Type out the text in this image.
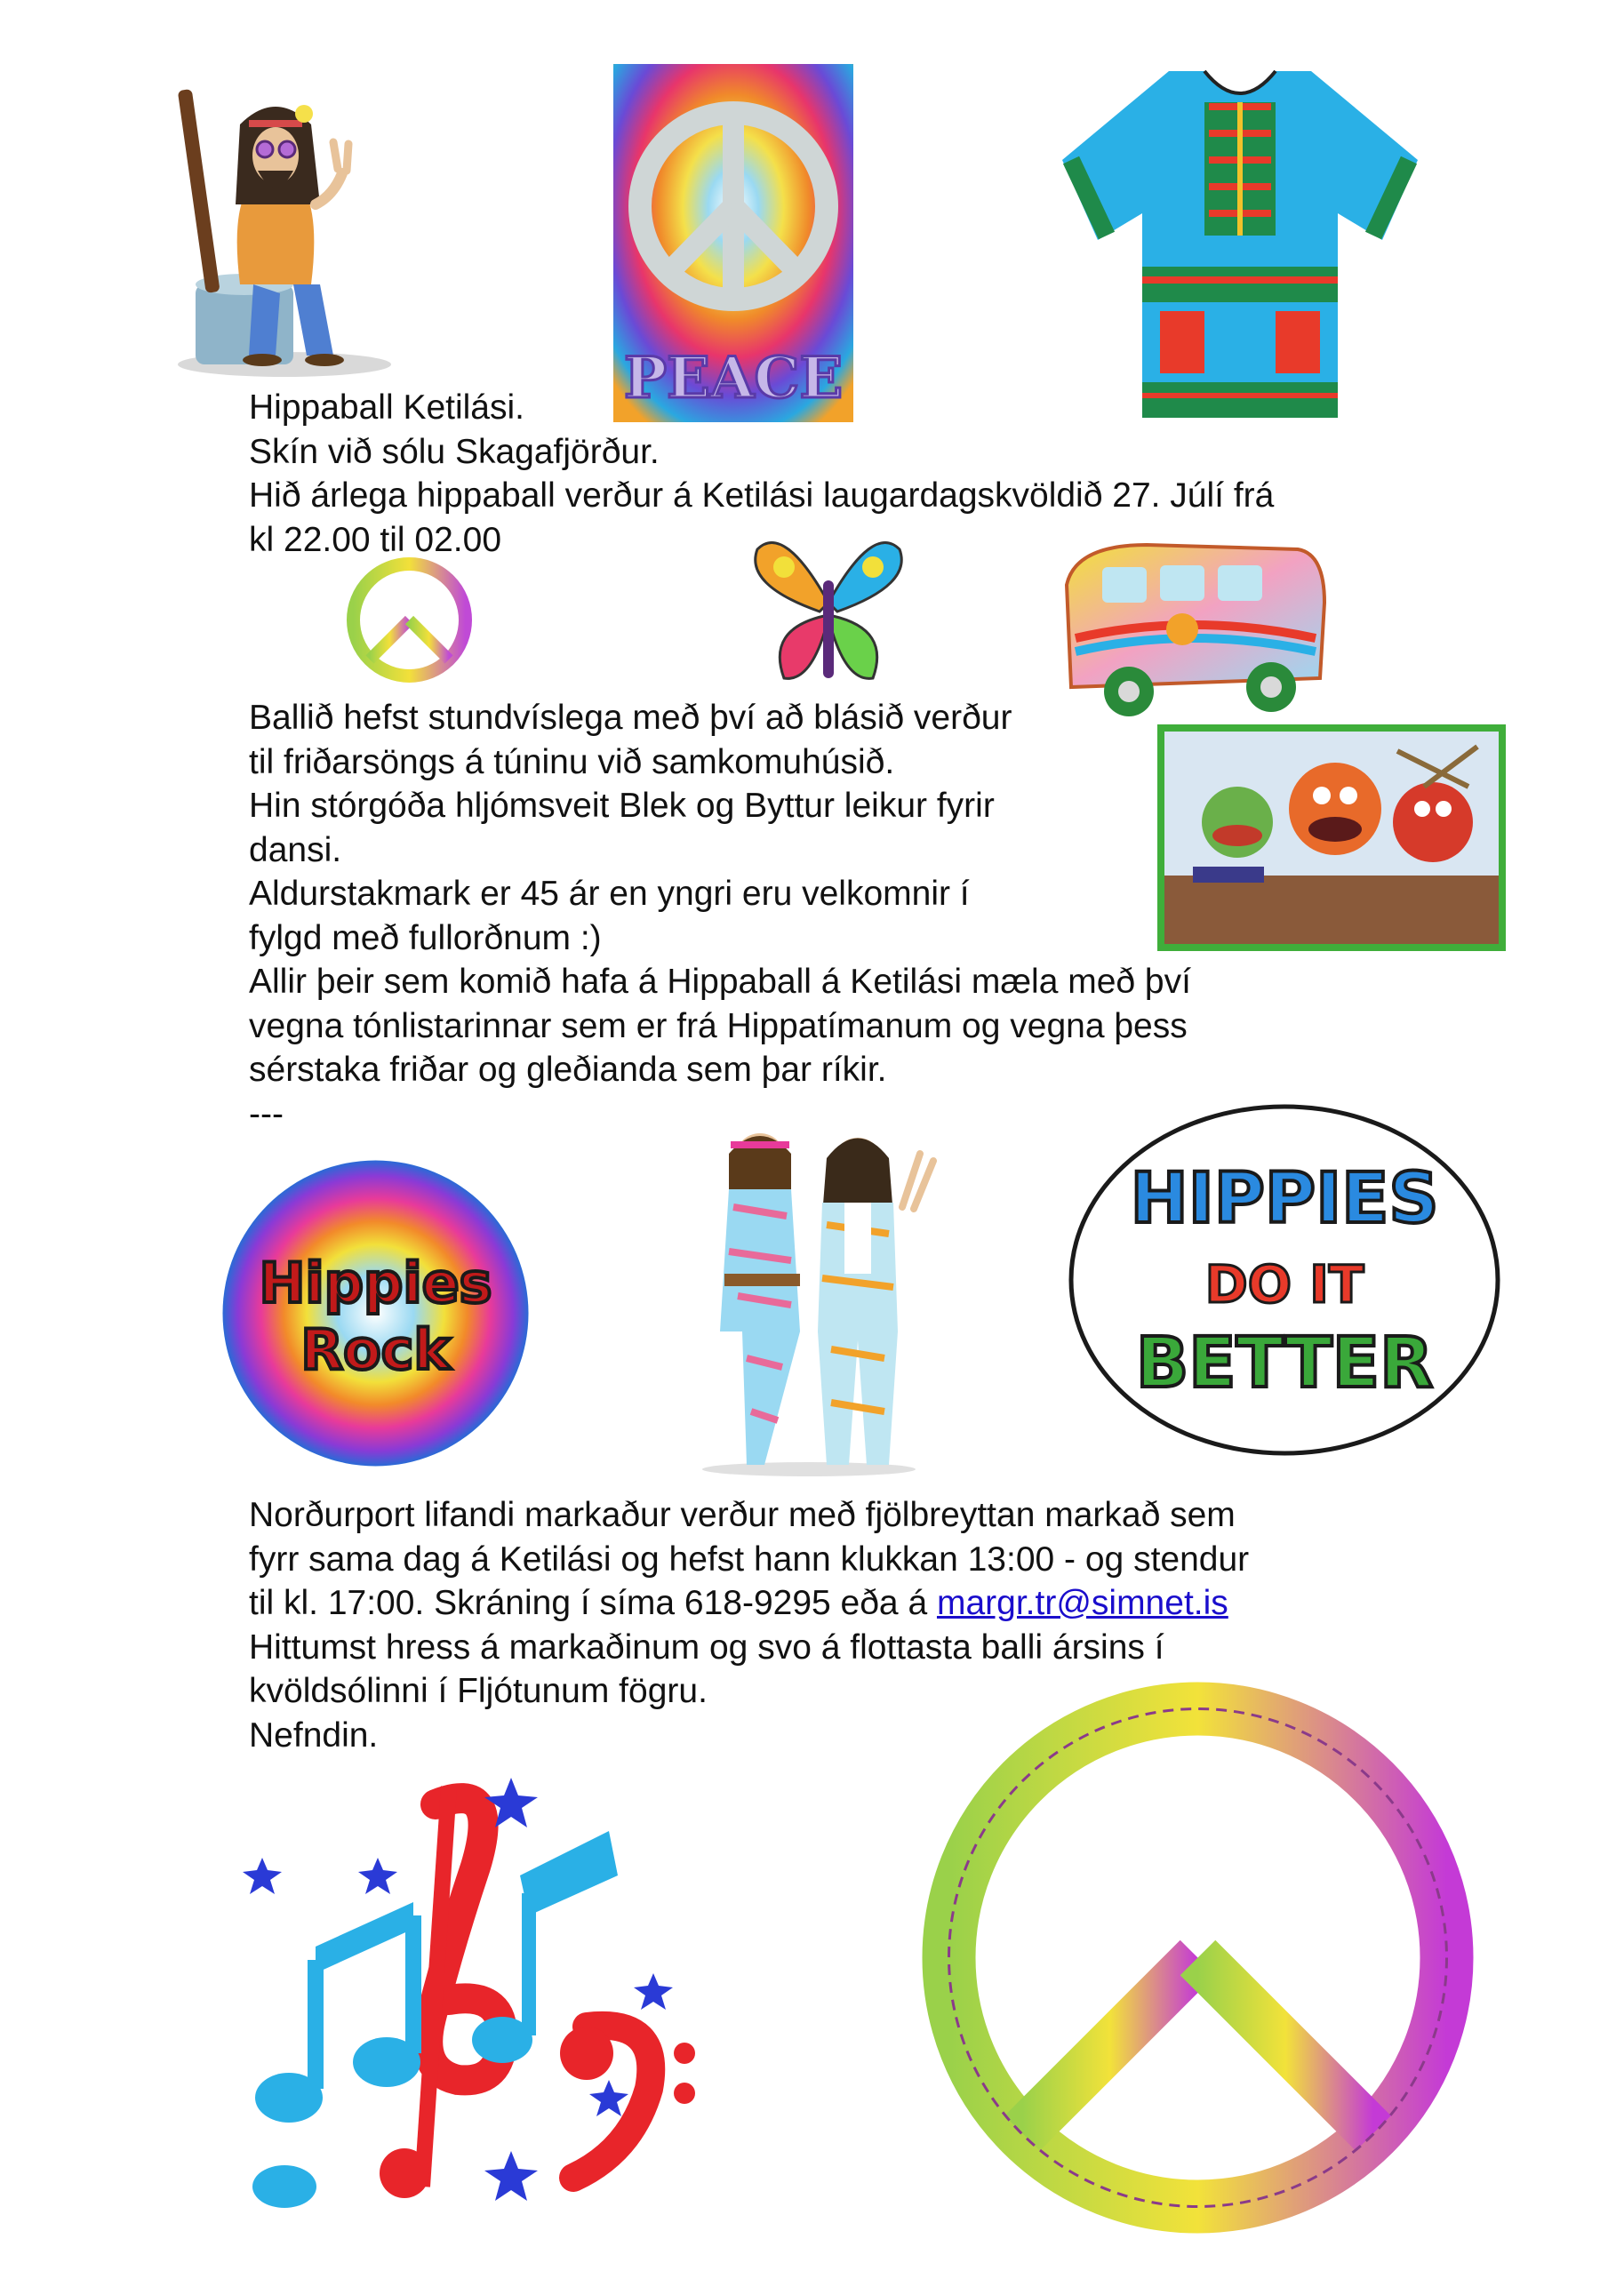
PEACE
Hippaball Ketilási.
Skín við sólu Skagafjörður.
Hið árlega hippaball verður á Ketilási laugardagskvöldið 27. Júlí frá
kl 22.00 til 02.00
Ballið hefst stundvíslega með því að blásið verður
til friðarsöngs á túninu við samkomuhúsið.
Hin stórgóða hljómsveit Blek og Byttur leikur fyrir
dansi.
Aldurstakmark er 45 ár en yngri eru velkomnir í
fylgd með fullorðnum :)
Allir þeir sem komið hafa á Hippaball á Ketilási mæla með því
vegna tónlistarinnar sem er frá Hippatímanum og vegna þess
sérstaka friðar og gleðianda sem þar ríkir.
---
Hippies
Rock
HIPPIES
DO IT
BETTER
Norðurport lifandi markaður verður með fjölbreyttan markað sem
fyrr sama dag á Ketilási og hefst hann klukkan 13:00 - og stendur
til kl. 17:00. Skráning í síma 618-9295 eða á margr.tr@simnet.is
Hittumst hress á markaðinum og svo á flottasta balli ársins í
kvöldsólinni í Fljótunum fögru.
Nefndin.
